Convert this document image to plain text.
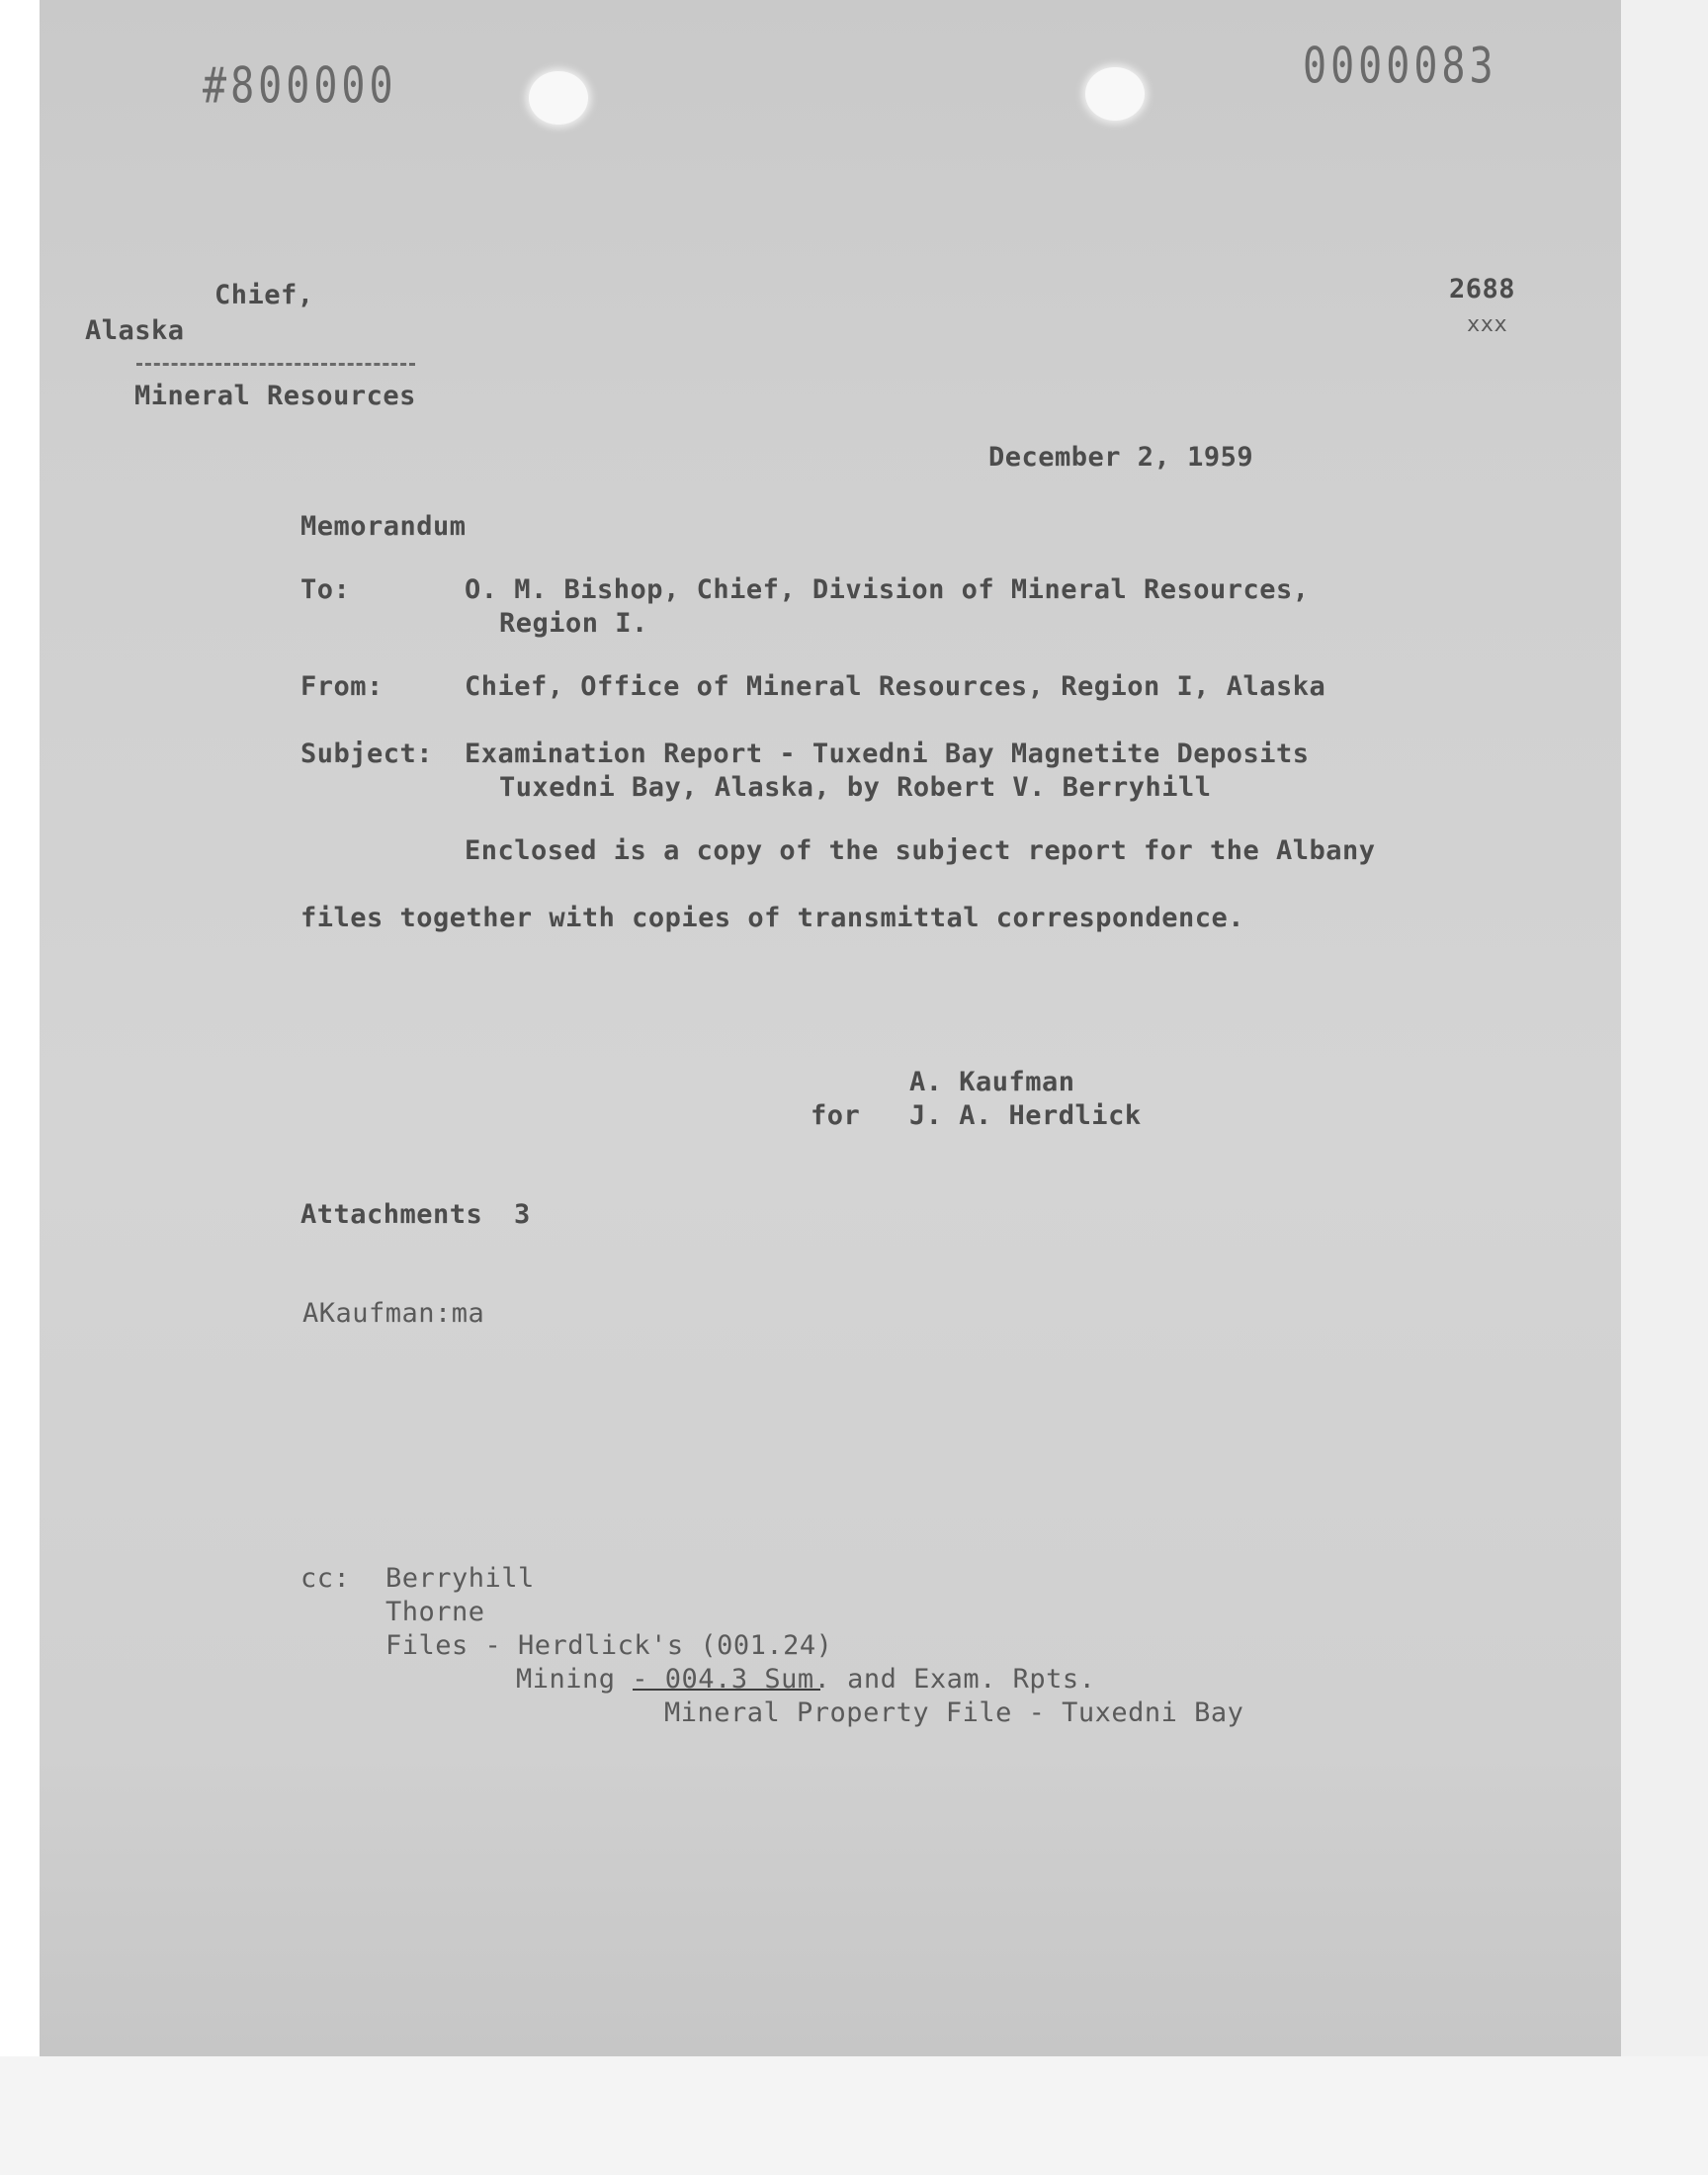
#800000	0000083
Chief,
Alaska
Mineral Resources
2688
xxx
December 2, 1959
Memorandum
To:	O. M. Bishop, Chief, Division of Mineral Resources,
Region I.
From:	Chief, Office of Mineral Resources, Region I, Alaska
Subject: Examination Report - Tuxedni Bay Magnetite Deposits
Tuxedni Bay, Alaska, by Robert V. Berryhill
Enclosed is a copy of the subject report for the Albany
files together with copies of transmittal correspondence.
A. Kaufman
for J. A. Herdlick
Attachments 3
AKaufman:ma
cc: Berryhill
Thorne
Files - Herdlick's (001.24)
Mining - 004.3 Sum. and Exam. Rpts.
Mineral Property File - Tuxedni Bay
